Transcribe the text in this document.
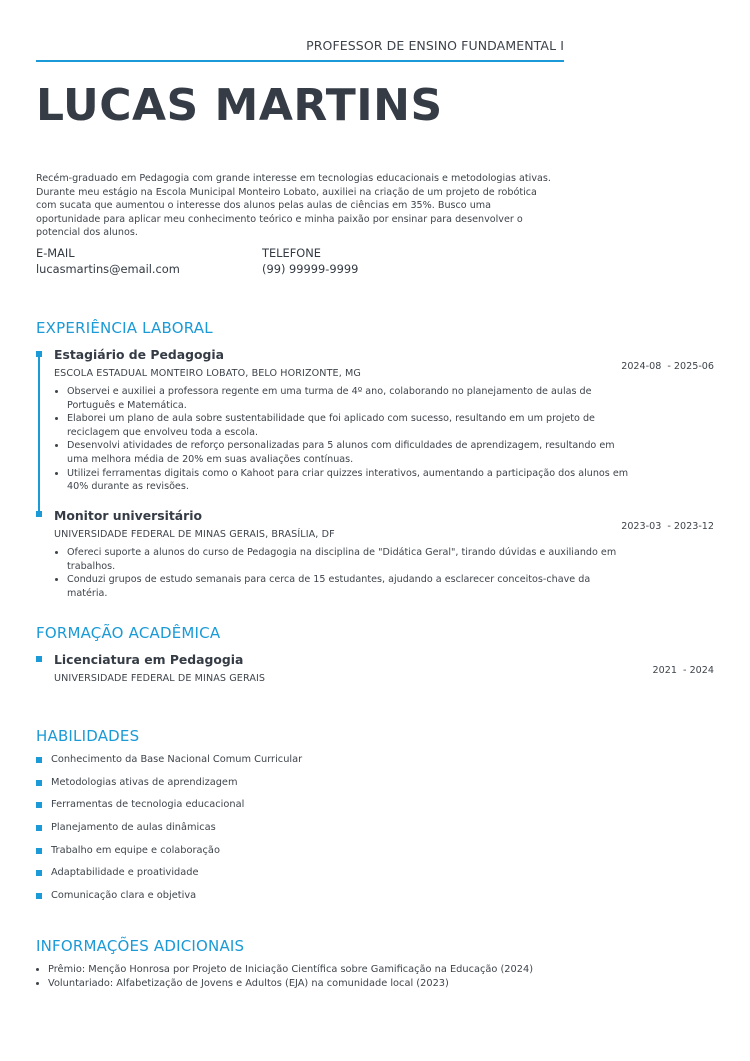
PROFESSOR DE ENSINO FUNDAMENTAL I
LUCAS MARTINS

Recém-graduado em Pedagogia com grande interesse em tecnologias educacionais e metodologias ativas. Durante meu estágio na Escola Municipal Monteiro Lobato, auxiliei na criação de um projeto de robótica com sucata que aumentou o interesse dos alunos pelas aulas de ciências em 35%. Busco uma oportunidade para aplicar meu conhecimento teórico e minha paixão por ensinar para desenvolver o potencial dos alunos.

E-MAIL
lucasmartins@email.com
TELEFONE
(99) 99999-9999
EXPERIÊNCIA LABORAL
Estagiário de Pedagogia
ESCOLA ESTADUAL MONTEIRO LOBATO, BELO HORIZONTE, MG
• Observei e auxiliei a professora regente em uma turma de 4º ano, colaborando no planejamento de aulas de Português e Matemática.
• Elaborei um plano de aula sobre sustentabilidade que foi aplicado com sucesso, resultando em um projeto de reciclagem que envolveu toda a escola.
• Desenvolvi atividades de reforço personalizadas para 5 alunos com dificuldades de aprendizagem, resultando em uma melhora média de 20% em suas avaliações contínuas.
• Utilizei ferramentas digitais como o Kahoot para criar quizzes interativos, aumentando a participação dos alunos em 40% durante as revisões.
2024-08  - 2025-06
Monitor universitário
UNIVERSIDADE FEDERAL DE MINAS GERAIS, BRASÍLIA, DF
• Ofereci suporte a alunos do curso de Pedagogia na disciplina de "Didática Geral", tirando dúvidas e auxiliando em trabalhos.
• Conduzi grupos de estudo semanais para cerca de 15 estudantes, ajudando a esclarecer conceitos-chave da matéria.
2023-03  - 2023-12
FORMAÇÃO ACADÊMICA
Licenciatura em Pedagogia
UNIVERSIDADE FEDERAL DE MINAS GERAIS
2021  - 2024
HABILIDADES
Conhecimento da Base Nacional Comum Curricular
Metodologias ativas de aprendizagem
Ferramentas de tecnologia educacional
Planejamento de aulas dinâmicas
Trabalho em equipe e colaboração
Adaptabilidade e proatividade
Comunicação clara e objetiva
INFORMAÇÕES ADICIONAIS
• Prêmio: Menção Honrosa por Projeto de Iniciação Científica sobre Gamificação na Educação (2024)
• Voluntariado: Alfabetização de Jovens e Adultos (EJA) na comunidade local (2023)
